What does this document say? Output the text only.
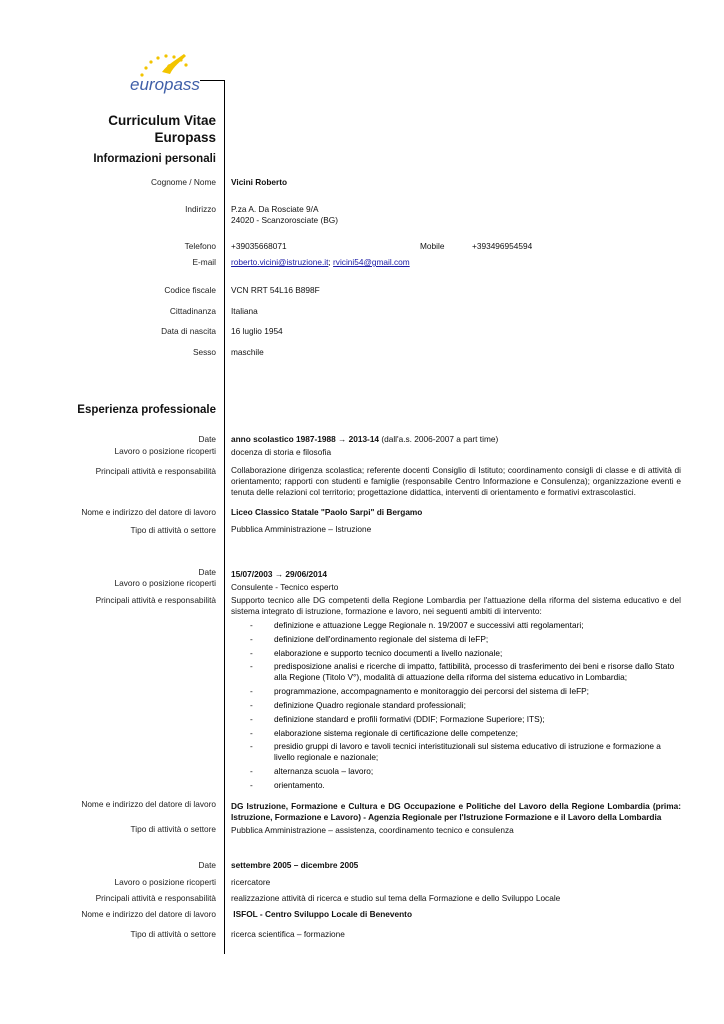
europass
Curriculum Vitae
Europass
Informazioni personali
Cognome / Nome Vicini Roberto
Indirizzo P.za A. Da Rosciate 9/A
24020 - Scanzorosciate (BG)
Telefono +39035668071	Mobile	+393496954594
E-mail roberto.vicini@istruzione.it; rvicini54@gmail.com
Codice fiscale VCN RRT 54L16 B898F
Cittadinanza Italiana
Data di nascita 16 luglio 1954
Sesso maschile
Esperienza professionale
Date anno scolastico 1987-1988 → 2013-14 (dall'a.s. 2006-2007 a part time)
Lavoro o posizione ricoperti docenza di storia e filosofia
Principali attività e responsabilità Collaborazione dirigenza scolastica; referente docenti Consiglio di Istituto; coordinamento consigli di classe e di attività di orientamento; rapporti con studenti e famiglie (responsabile Centro Informazione e Consulenza); organizzazione eventi e tenuta delle relazioni col territorio; progettazione didattica, interventi di orientamento e formativi extrascolastici.
Nome e indirizzo del datore di lavoro Liceo Classico Statale "Paolo Sarpi" di Bergamo
Tipo di attività o settore Pubblica Amministrazione – Istruzione
Date 15/07/2003 → 29/06/2014
Lavoro o posizione ricoperti Consulente - Tecnico esperto
Principali attività e responsabilità Supporto tecnico alle DG competenti della Regione Lombardia per l'attuazione della riforma del sistema educativo e del sistema integrato di istruzione, formazione e lavoro, nei seguenti ambiti di intervento:
-	definizione e attuazione Legge Regionale n. 19/2007 e successivi atti regolamentari;
-	definizione dell'ordinamento regionale del sistema di IeFP;
-	elaborazione e supporto tecnico documenti a livello nazionale;
-	predisposizione analisi e ricerche di impatto, fattibilità, processo di trasferimento dei beni e risorse dallo Stato alla Regione (Titolo V°), modalità di attuazione della riforma del sistema educativo in Lombardia;
-	programmazione, accompagnamento e monitoraggio dei percorsi del sistema di IeFP;
-	definizione Quadro regionale standard professionali;
-	definizione standard e profili formativi (DDIF; Formazione Superiore; ITS);
-	elaborazione sistema regionale di certificazione delle competenze;
-	presidio gruppi di lavoro e tavoli tecnici interistituzionali sul sistema educativo di istruzione e formazione a livello regionale e nazionale;
-	alternanza scuola – lavoro;
-	orientamento.
Nome e indirizzo del datore di lavoro DG Istruzione, Formazione e Cultura e DG Occupazione e Politiche del Lavoro della Regione Lombardia (prima: Istruzione, Formazione e Lavoro) - Agenzia Regionale per l'Istruzione Formazione e il Lavoro della Lombardia
Tipo di attività o settore Pubblica Amministrazione – assistenza, coordinamento tecnico e consulenza
Date settembre 2005 – dicembre 2005
Lavoro o posizione ricoperti ricercatore
Principali attività e responsabilità realizzazione attività di ricerca e studio sul tema della Formazione e dello Sviluppo Locale
Nome e indirizzo del datore di lavoro ISFOL - Centro Sviluppo Locale di Benevento
Tipo di attività o settore ricerca scientifica – formazione
